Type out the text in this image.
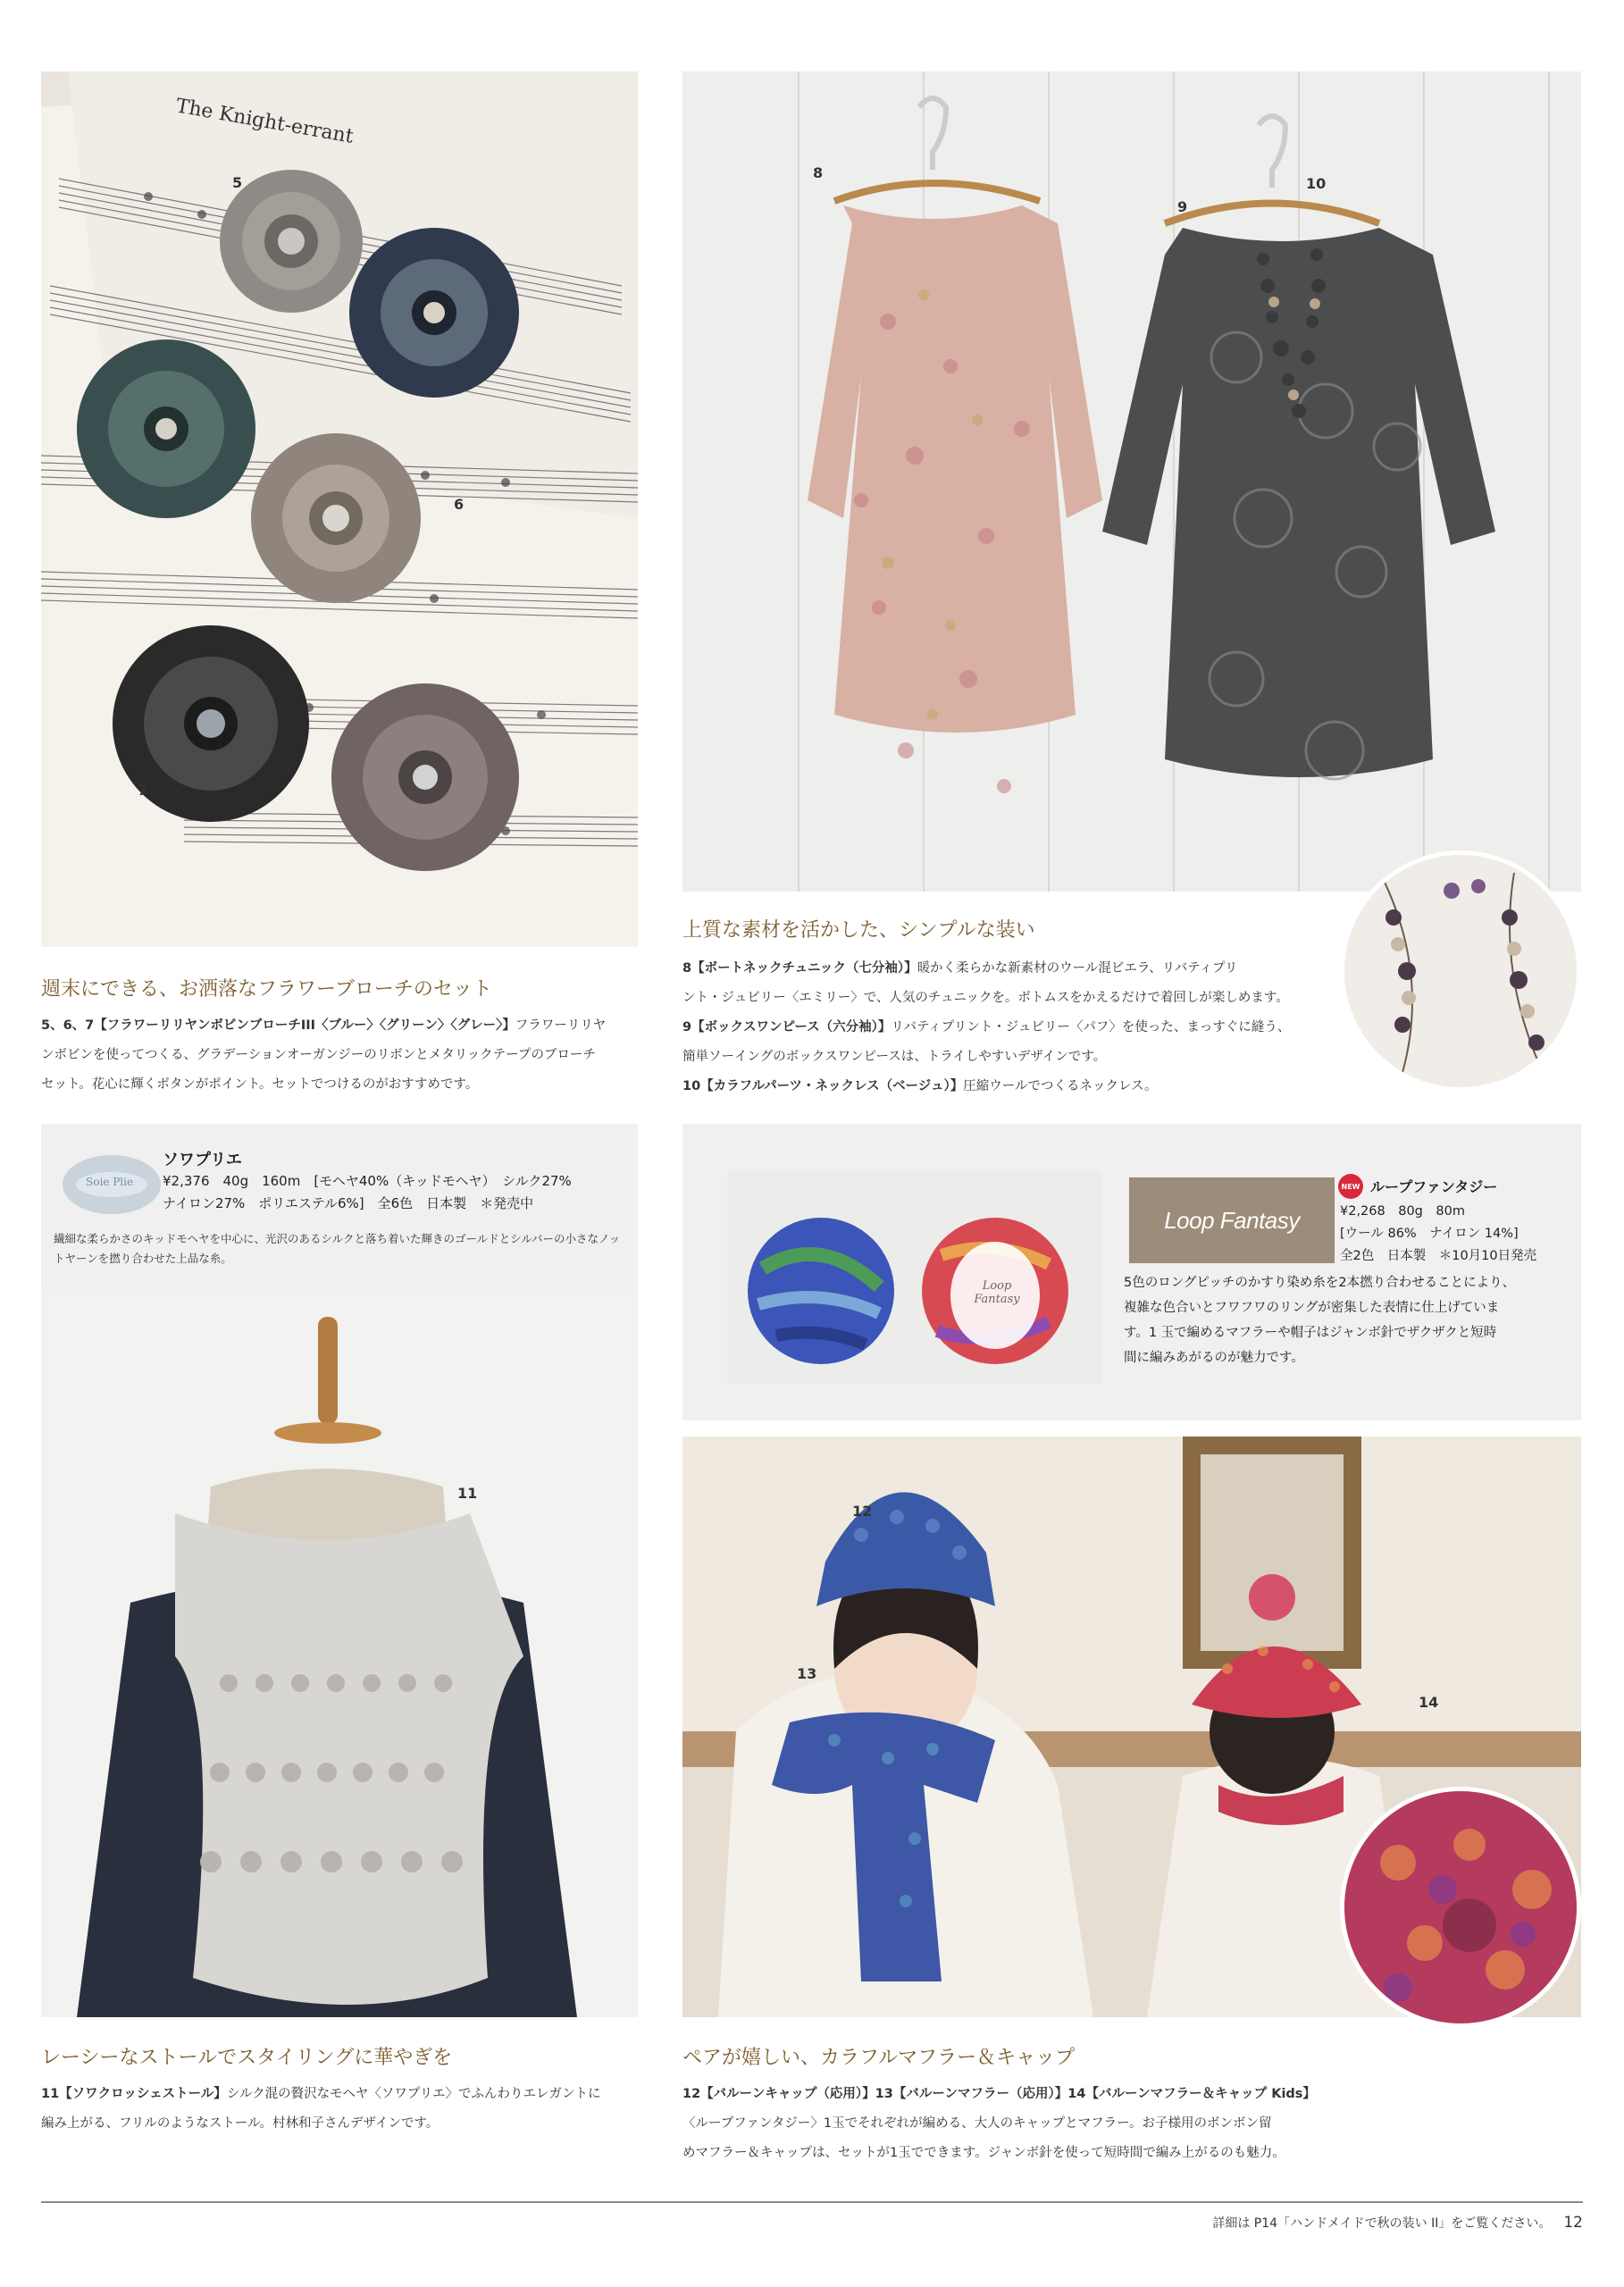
The Knight-errant
5
6
7
8
9
10
週末にできる、お洒落なフラワーブローチのセット

5、6、7【フラワーリリヤンボビンブローチIII〈ブルー〉〈グリーン〉〈グレー〉】フラワーリリヤ

ンボビンを使ってつくる、グラデーションオーガンジーのリボンとメタリックテープのブローチ

セット。花心に輝くボタンがポイント。セットでつけるのがおすすめです。

上質な素材を活かした、シンプルな装い

8【ボートネックチュニック（七分袖）】暖かく柔らかな新素材のウール混ビエラ、リバティプリ

ント・ジュビリー〈エミリー〉で、人気のチュニックを。ボトムスをかえるだけで着回しが楽しめます。

9【ボックスワンピース（六分袖）】リバティプリント・ジュビリー〈パフ〉を使った、まっすぐに縫う、

簡単ソーイングのボックスワンピースは、トライしやすいデザインです。

10【カラフルパーツ・ネックレス（ベージュ）】圧縮ウールでつくるネックレス。

Soie Plie
ソワプリエ

¥2,376　40g　160m　[モヘヤ40%（キッドモヘヤ）　シルク27%

ナイロン27%　ポリエステル6%]　全6色　日本製　＊発売中

繊細な柔らかさのキッドモヘヤを中心に、光沢のあるシルクと落ち着いた輝きのゴールドとシルバーの小さなノッ

トヤーンを撚り合わせた上品な糸。

11
Loop Fantasy
Loop Fantasy
NEW ループファンタジー

¥2,268　80g　80m

[ウール 86%　ナイロン 14%]

全2色　日本製　＊10月10日発売

5色のロングピッチのかすり染め糸を2本撚り合わせることにより、

複雑な色合いとフワフワのリングが密集した表情に仕上げていま

す。1 玉で編めるマフラーや帽子はジャンボ針でザクザクと短時

間に編みあがるのが魅力です。

12
13
14
レーシーなストールでスタイリングに華やぎを

11【ソワクロッシェストール】シルク混の贅沢なモヘヤ〈ソワプリエ〉でふんわりエレガントに

編み上がる、フリルのようなストール。村林和子さんデザインです。

ペアが嬉しい、カラフルマフラー＆キャップ

12【バルーンキャップ（応用）】13【バルーンマフラー（応用）】14【バルーンマフラー＆キャップ Kids】

〈ループファンタジー〉1玉でそれぞれが編める、大人のキャップとマフラー。お子様用のボンボン留

めマフラー＆キャップは、セットが1玉でできます。ジャンボ針を使って短時間で編み上がるのも魅力。

詳細は P14「ハンドメイドで秋の装い II」をご覧ください。 12
